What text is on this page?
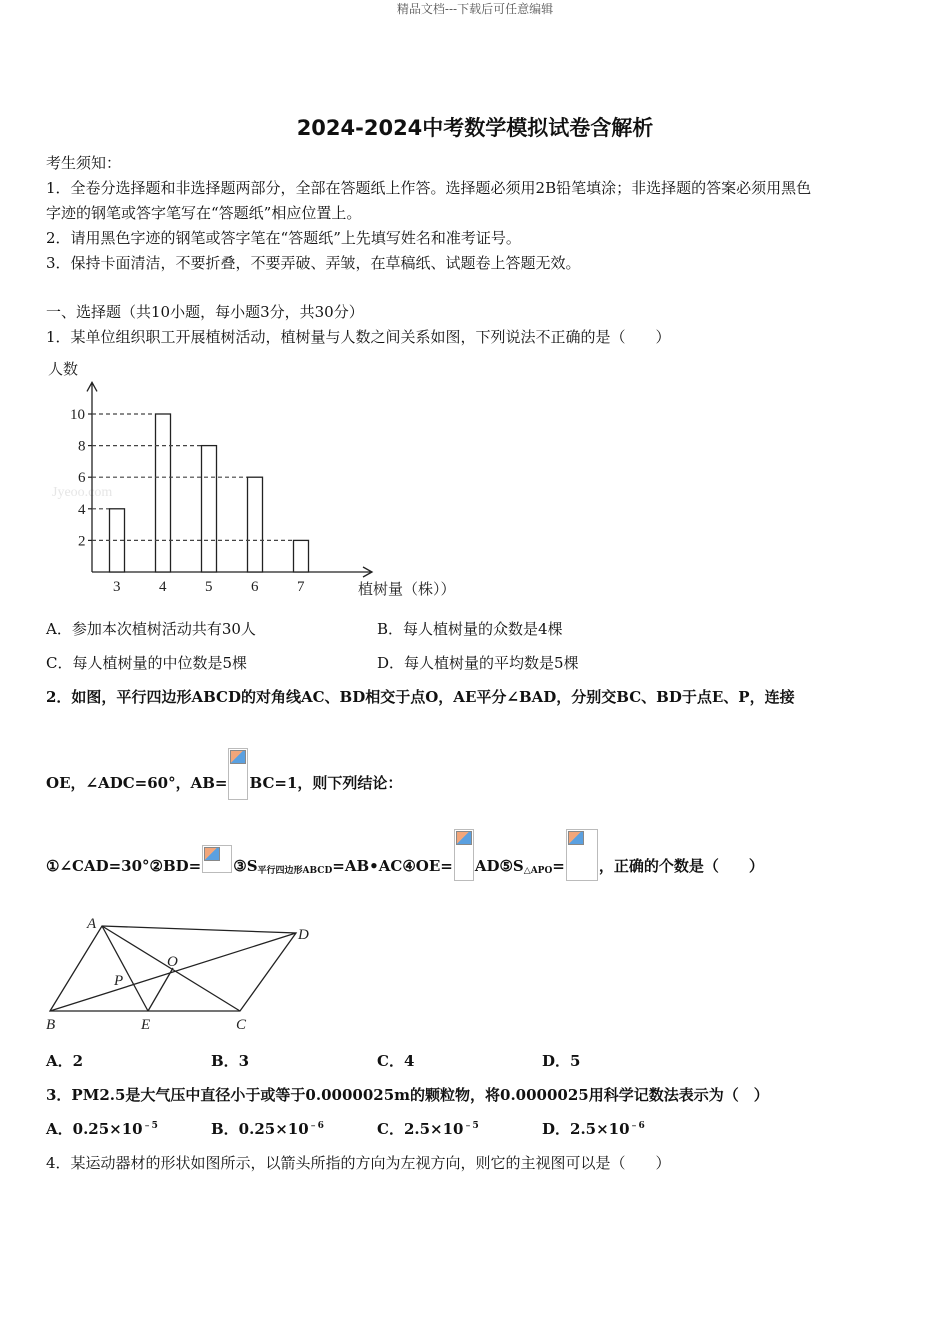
精品文档---下载后可任意编辑
2024-2024中考数学模拟试卷含解析
考生须知：
1．全卷分选择题和非选择题两部分，全部在答题纸上作答。选择题必须用2B铅笔填涂；非选择题的答案必须用黑色
字迹的钢笔或答字笔写在“答题纸”相应位置上。
2．请用黑色字迹的钢笔或答字笔在“答题纸”上先填写姓名和准考证号。
3．保持卡面清洁，不要折叠，不要弄破、弄皱，在草稿纸、试题卷上答题无效。
一、选择题（共10小题，每小题3分，共30分）
1．某单位组织职工开展植树活动，植树量与人数之间关系如图，下列说法不正确的是（　　）
Jyeoo.com
人数
植树量（株））
3	4	5	6	7
2
4
6
8
10
A．参加本次植树活动共有30人	B．每人植树量的众数是4棵
C．每人植树量的中位数是5棵	D．每人植树量的平均数是5棵
2．如图，平行四边形ABCD的对角线AC、BD相交于点O，AE平分∠BAD，分别交BC、BD于点E、P，连接
OE，∠ADC=60°，AB= BC=1，则下列结论：
①∠CAD=30°②BD= $③S_{平行四边形ABCD}=AB•AC④OE=$ $AD⑤S_{\triangle APO}=$ ，正确的个数是（　　）
A
D
O
P
B	E	C
A．2	B．3	C．4	D．5
3．PM2.5是大气压中直径小于或等于0.0000025m的颗粒物，将0.0000025用科学记数法表示为（　）
A．$0.25\times 10^{﹣5}$	B．$0.25\times 10^{﹣6}$	C．$2.5\times 10^{﹣5}$	D．$2.5\times 10^{﹣6}$
4．某运动器材的形状如图所示，以箭头所指的方向为左视方向，则它的主视图可以是（　　）
